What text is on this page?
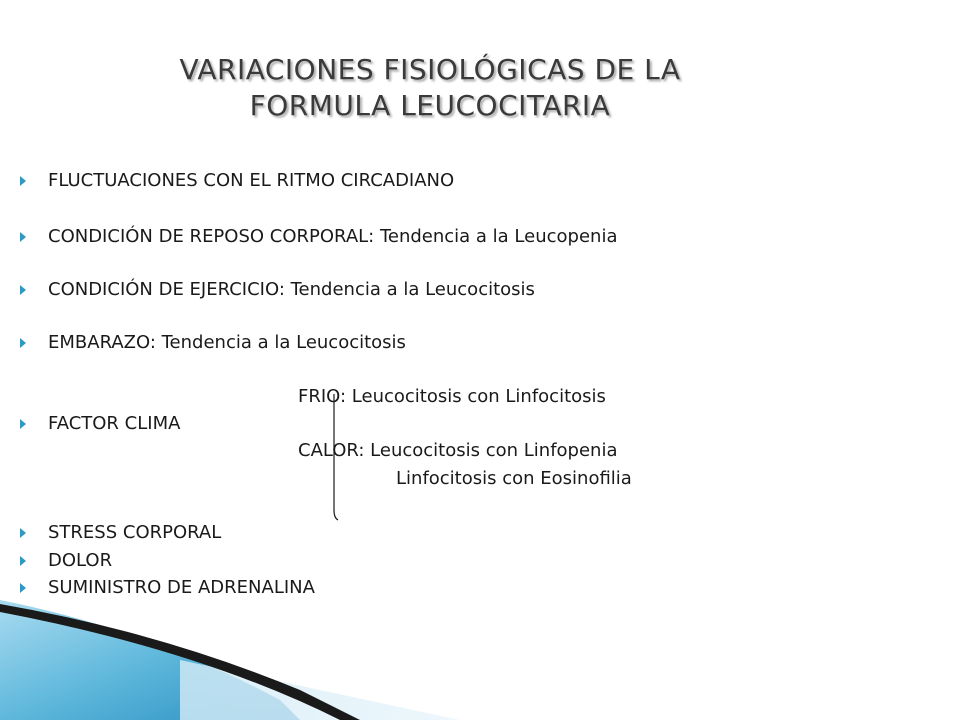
VARIACIONES FISIOLÓGICAS DE LA
FORMULA LEUCOCITARIA
FLUCTUACIONES CON EL RITMO CIRCADIANO
CONDICIÓN DE REPOSO CORPORAL: Tendencia a la Leucopenia
CONDICIÓN DE EJERCICIO: Tendencia a la Leucocitosis
EMBARAZO: Tendencia a la Leucocitosis
FRIO: Leucocitosis con Linfocitosis
FACTOR CLIMA
CALOR: Leucocitosis con Linfopenia
Linfocitosis con Eosinofilia
STRESS CORPORAL
DOLOR
SUMINISTRO DE ADRENALINA
